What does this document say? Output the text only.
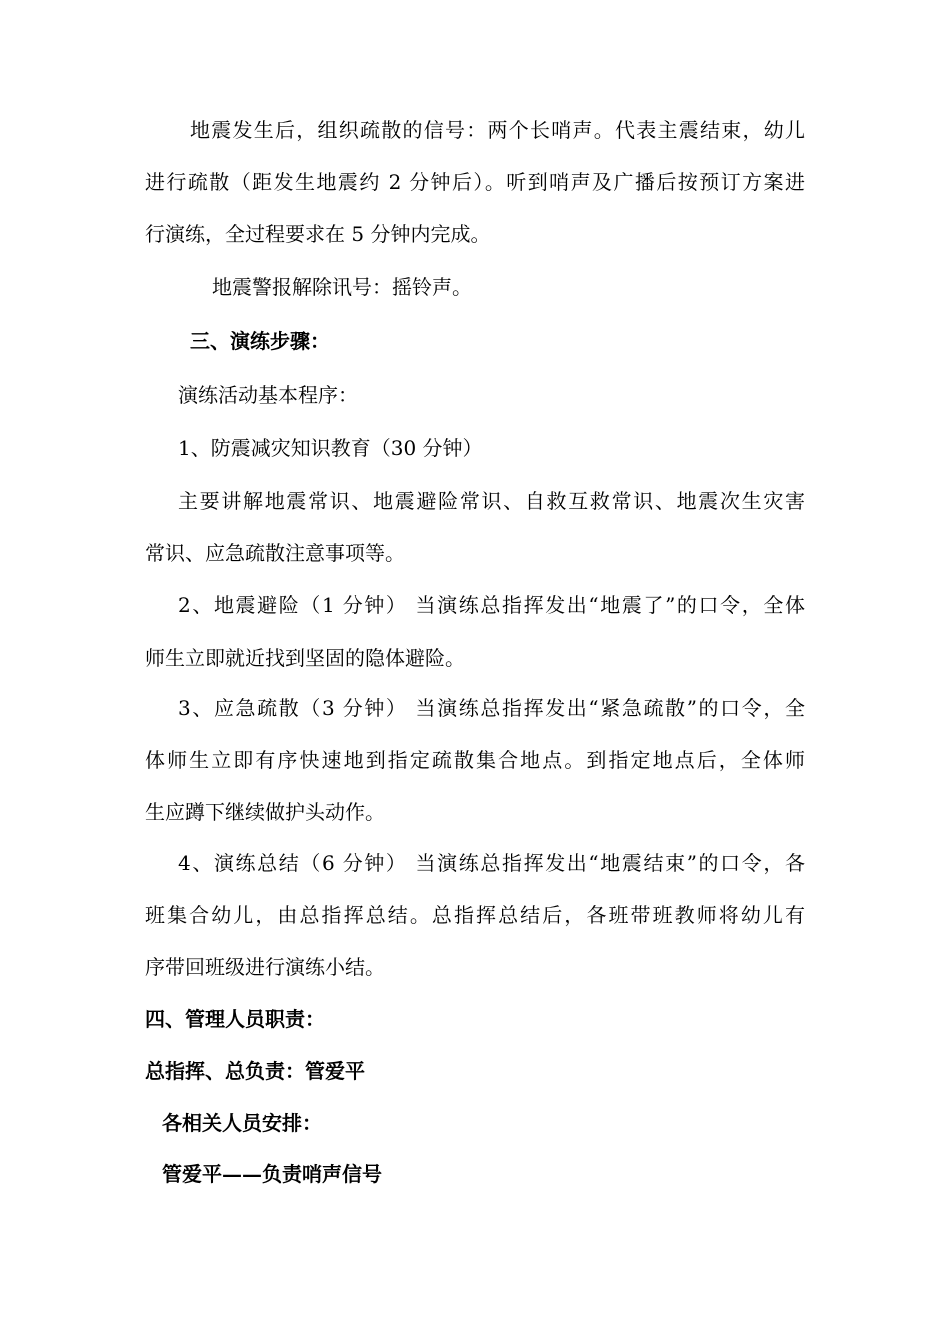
地震发生后，组织疏散的信号：两个长哨声。代表主震结束，幼儿
进行疏散（距发生地震约 2 分钟后）。听到哨声及广播后按预订方案进
行演练，全过程要求在 5 分钟内完成。
地震警报解除讯号：摇铃声。
三、演练步骤：
演练活动基本程序：
1、防震减灾知识教育（30 分钟）
主要讲解地震常识、地震避险常识、自救互救常识、地震次生灾害
常识、应急疏散注意事项等。
2、地震避险（1 分钟） 当演练总指挥发出“地震了”的口令，全体
师生立即就近找到坚固的隐体避险。
3、应急疏散（3 分钟） 当演练总指挥发出“紧急疏散”的口令，全
体师生立即有序快速地到指定疏散集合地点。到指定地点后，全体师
生应蹲下继续做护头动作。
4、演练总结（6 分钟） 当演练总指挥发出“地震结束”的口令，各
班集合幼儿，由总指挥总结。总指挥总结后，各班带班教师将幼儿有
序带回班级进行演练小结。
四、管理人员职责：
总指挥、总负责：管爱平
各相关人员安排：
管爱平——负责哨声信号
